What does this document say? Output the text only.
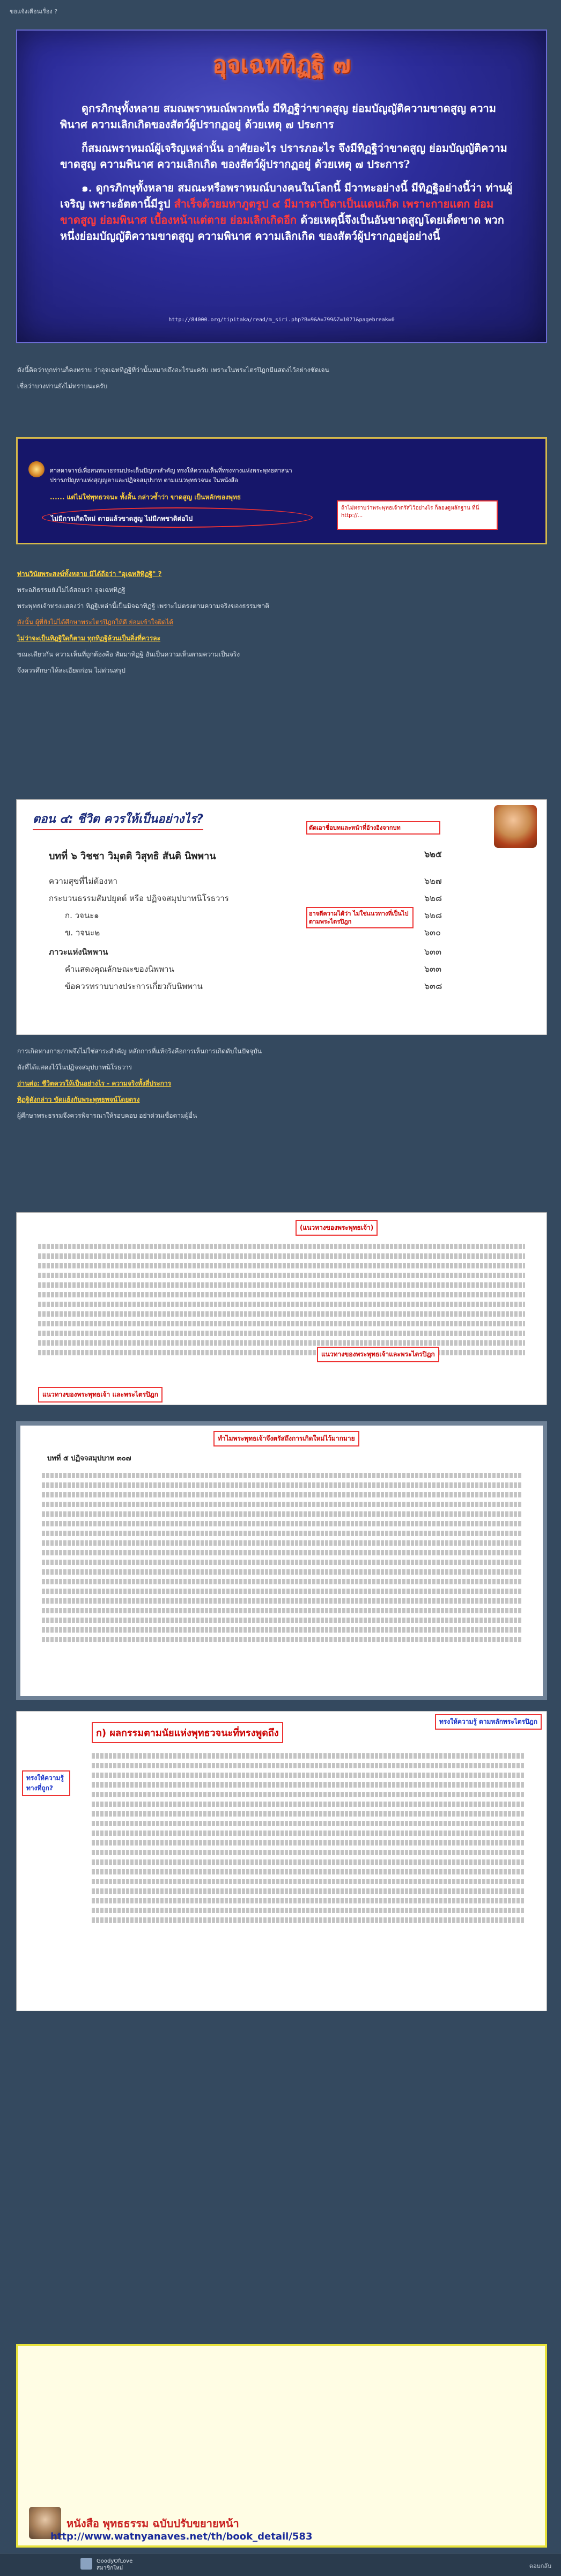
ขอแจ้งเตือนเรื่อง ?
อุจเฉททิฏฐิ ๗

ดูกรภิกษุทั้งหลาย สมณพราหมณ์พวกหนึ่ง มีทิฏฐิว่าขาดสูญ ย่อมบัญญัติความขาดสูญ ความพินาศ ความเลิกเกิดของสัตว์ผู้ปรากฏอยู่ ด้วยเหตุ ๗ ประการ

ก็สมณพราหมณ์ผู้เจริญเหล่านั้น อาศัยอะไร ปรารภอะไร จึงมีทิฏฐิว่าขาดสูญ ย่อมบัญญัติความขาดสูญ ความพินาศ ความเลิกเกิด ของสัตว์ผู้ปรากฏอยู่ ด้วยเหตุ ๗ ประการ?

๑. ดูกรภิกษุทั้งหลาย สมณะหรือพราหมณ์บางคนในโลกนี้ มีวาทะอย่างนี้ มีทิฏฐิอย่างนี้ว่า ท่านผู้เจริญ เพราะอัตตานี้มีรูป สำเร็จด้วยมหาภูตรูป ๔ มีมารดาบิดาเป็นแดนเกิด เพราะกายแตก ย่อมขาดสูญ ย่อมพินาศ เบื้องหน้าแต่ตาย ย่อมเลิกเกิดอีก ด้วยเหตุนี้จึงเป็นอันขาดสูญโดยเด็ดขาด พวกหนึ่งย่อมบัญญัติความขาดสูญ ความพินาศ ความเลิกเกิด ของสัตว์ผู้ปรากฏอยู่อย่างนี้

http://84000.org/tipitaka/read/m_siri.php?B=9&A=799&Z=1071&pagebreak=0

ดังนี้คิดว่าทุกท่านก็คงทราบ ว่าอุจเฉททิฏฐิที่ว่านั้นหมายถึงอะไรนะครับ เพราะในพระไตรปิฎกมีแสดงไว้อย่างชัดเจน

เชื่อว่าบางท่านยังไม่ทราบนะครับ

ศาสดาจารย์เพื่อสนทนาธรรมประเด็นปัญหาสำคัญ ทรงให้ความเห็นที่ทรงทางแห่งพระพุทธศาสนา
ปรารภปัญหาแห่งสุญญตาและปฏิจจสมุปบาท ตามแนวพุทธวจนะ ในหนังสือ
...... แต่ไม่ใช่พุทธวจนะ ทั้งสิ้น กล่าวซ้ำว่า ขาดสูญ เป็นหลักของพุทธ
ไม่มีการเกิดใหม่ ตายแล้วขาดสูญ ไม่มีภพชาติต่อไป
ถ้าไม่ทราบว่าพระพุทธเจ้าตรัสไว้อย่างไร ก็ลองดูหลักฐาน ที่นี่ http://...

ท่านวินัยพระสงฆ์ทั้งหลาย มิได้ถือว่า "อุเฉทสิทิฏฐิ" ?

พระอภิธรรมยังไม่ได้สอนว่า อุจเฉททิฏฐิ

พระพุทธเจ้าทรงแสดงว่า ทิฏฐิเหล่านี้เป็นมิจฉาทิฏฐิ เพราะไม่ตรงตามความจริงของธรรมชาติ

ดังนั้น ผู้ที่ยังไม่ได้ศึกษาพระไตรปิฎกให้ดี ย่อมเข้าใจผิดได้

ไม่ว่าจะเป็นทิฏฐิใดก็ตาม ทุกทิฏฐิล้วนเป็นสิ่งที่ควรละ

ขณะเดียวกัน ความเห็นที่ถูกต้องคือ สัมมาทิฏฐิ อันเป็นความเห็นตามความเป็นจริง

จึงควรศึกษาให้ละเอียดก่อน ไม่ด่วนสรุป

ตอน ๔: ชีวิต ควรให้เป็นอย่างไร?
บทที่ ๖ วิชชา วิมุตติ วิสุทธิ สันติ นิพพาน	๖๒๕
ความสุขที่ไม่ต้องหา	๖๒๗
กระบวนธรรมสัมปยุตต์ หรือ ปฏิจจสมุปบาทนิโรธวาร	๖๒๘
ก. วจนะ๑	๖๒๘
ข. วจนะ๒	๖๓๐
ภาวะแห่งนิพพาน	๖๓๓
คำแสดงคุณลักษณะของนิพพาน	๖๓๓
ข้อควรทราบบางประการเกี่ยวกับนิพพาน	๖๓๘
ตัดเอาชื่อบทและหน้าที่อ้างอิงจากบท
อาจตีความได้ว่า ไม่ใช่แนวทางที่เป็นไปตามพระไตรปิฎก

การเกิดทางกายภาพจึงไม่ใช่สาระสำคัญ หลักการที่แท้จริงคือการเห็นการเกิดดับในปัจจุบัน

ดังที่ได้แสดงไว้ในปฏิจจสมุปบาทนิโรธวาร

อ่านต่อ: ชีวิตควรให้เป็นอย่างไร - ความจริงทั้งสี่ประการ

ทิฏฐิดังกล่าว ขัดแย้งกับพระพุทธพจน์โดยตรง

ผู้ศึกษาพระธรรมจึงควรพิจารณาให้รอบคอบ อย่าด่วนเชื่อตามผู้อื่น

(แนวทางของพระพุทธเจ้า)
แนวทางของพระพุทธเจ้าและพระไตรปิฎก
แนวทางของพระพุทธเจ้า และพระไตรปิฎก
ทำไมพระพุทธเจ้าจึงตรัสถึงการเกิดใหม่ไว้มากมาย
บทที่ ๕ ปฏิจจสมุปบาท ๓๐๗
ก) ผลกรรมตามนัยแห่งพุทธวจนะที่ทรงพูดถึง
ทรงให้ความรู้ ทางที่ถูก?
ทรงให้ความรู้ ตามหลักพระไตรปิฎก
หนังสือ พุทธธรรม ฉบับปรับขยายหน้า
http://www.watnyanaves.net/th/book_detail/583
GoodyOfLove
สมาชิกใหม่	ตอบกลับ
